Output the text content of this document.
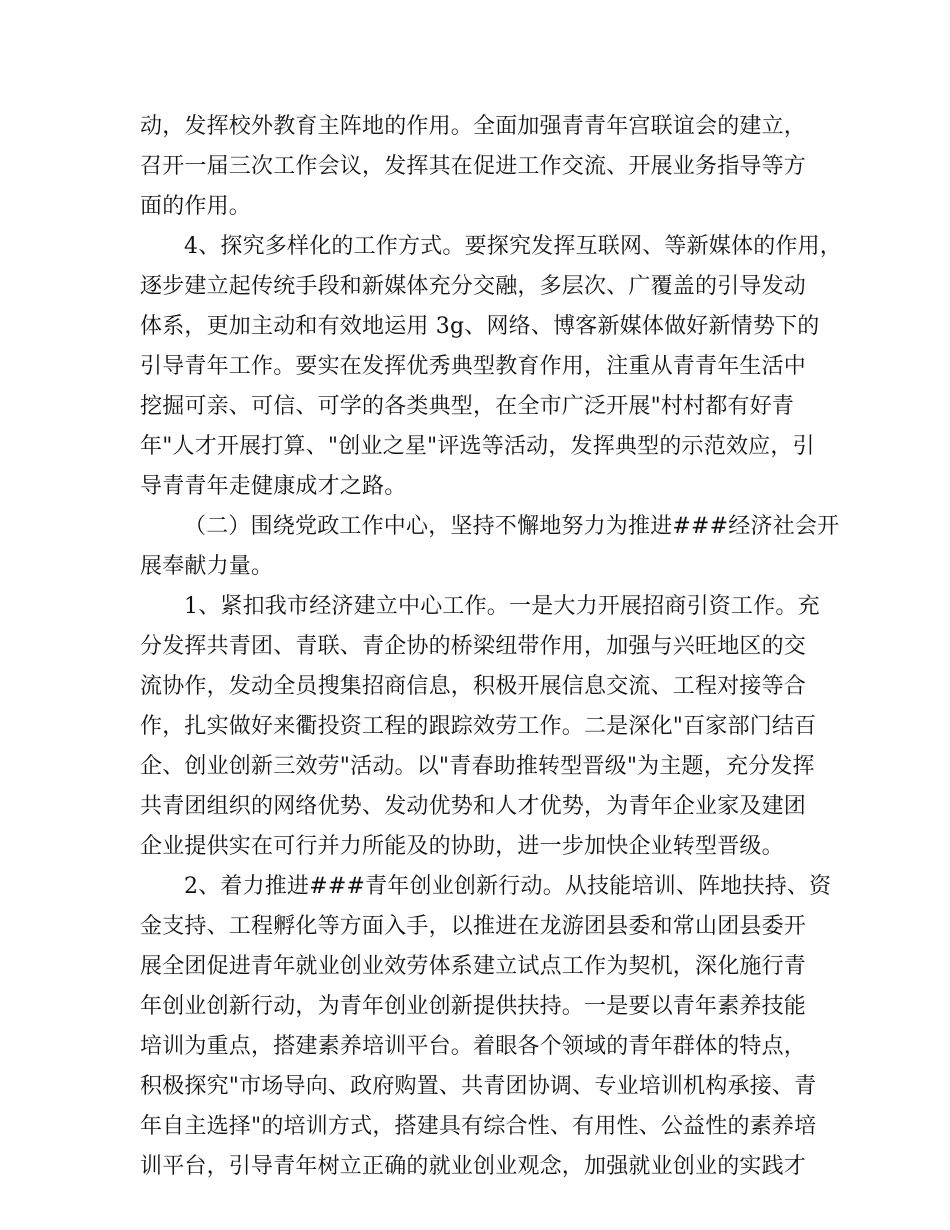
动，发挥校外教育主阵地的作用。全面加强青青年宫联谊会的建立，
召开一届三次工作会议，发挥其在促进工作交流、开展业务指导等方
面的作用。
4、探究多样化的工作方式。要探究发挥互联网、等新媒体的作用，
逐步建立起传统手段和新媒体充分交融，多层次、广覆盖的引导发动
体系，更加主动和有效地运用 3g、网络、博客新媒体做好新情势下的
引导青年工作。要实在发挥优秀典型教育作用，注重从青青年生活中
挖掘可亲、可信、可学的各类典型，在全市广泛开展"村村都有好青
年"人才开展打算、"创业之星"评选等活动，发挥典型的示范效应，引
导青青年走健康成才之路。
（二）围绕党政工作中心，坚持不懈地努力为推进###经济社会开
展奉献力量。
1、紧扣我市经济建立中心工作。一是大力开展招商引资工作。充
分发挥共青团、青联、青企协的桥梁纽带作用，加强与兴旺地区的交
流协作，发动全员搜集招商信息，积极开展信息交流、工程对接等合
作，扎实做好来衢投资工程的跟踪效劳工作。二是深化"百家部门结百
企、创业创新三效劳"活动。以"青春助推转型晋级"为主题，充分发挥
共青团组织的网络优势、发动优势和人才优势，为青年企业家及建团
企业提供实在可行并力所能及的协助，进一步加快企业转型晋级。
2、着力推进###青年创业创新行动。从技能培训、阵地扶持、资
金支持、工程孵化等方面入手，以推进在龙游团县委和常山团县委开
展全团促进青年就业创业效劳体系建立试点工作为契机，深化施行青
年创业创新行动，为青年创业创新提供扶持。一是要以青年素养技能
培训为重点，搭建素养培训平台。着眼各个领域的青年群体的特点，
积极探究"市场导向、政府购置、共青团协调、专业培训机构承接、青
年自主选择"的培训方式，搭建具有综合性、有用性、公益性的素养培
训平台，引导青年树立正确的就业创业观念，加强就业创业的实践才
